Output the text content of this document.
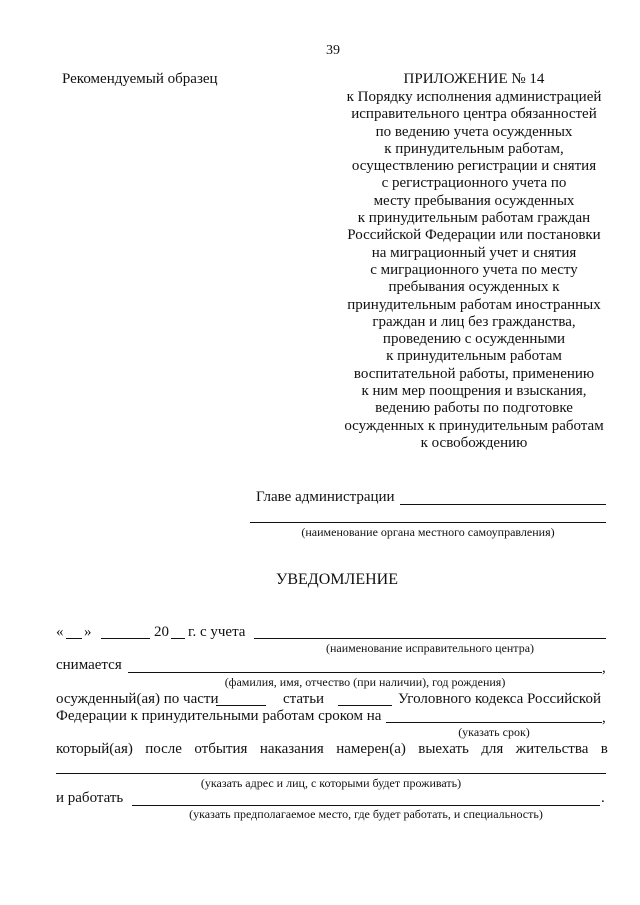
39
Рекомендуемый образец	ПРИЛОЖЕНИЕ № 14
к Порядку исполнения администрацией
исправительного центра обязанностей
по ведению учета осужденных
к принудительным работам,
осуществлению регистрации и снятия
с регистрационного учета по
месту пребывания осужденных
к принудительным работам граждан
Российской Федерации или постановки
на миграционный учет и снятия
с миграционного учета по месту
пребывания осужденных к
принудительным работам иностранных
граждан и лиц без гражданства,
проведению с осужденными
к принудительным работам
воспитательной работы, применению
к ним мер поощрения и взыскания,
ведению работы по подготовке
осужденных к принудительным работам
к освобождению
Главе администрации
(наименование органа местного самоуправления)
УВЕДОМЛЕНИЕ
« »	20 г. с учета
(наименование исправительного центра)
снимается	,
(фамилия, имя, отчество (при наличии), год рождения)
осужденный(ая) по части	статьи	Уголовного кодекса Российской
Федерации к принудительными работам сроком на	,
(указать срок)
который(ая) после отбытия наказания намерен(а) выехать для жительства в
(указать адрес и лиц, с которыми будет проживать)
и работать	.
(указать предполагаемое место, где будет работать, и специальность)
